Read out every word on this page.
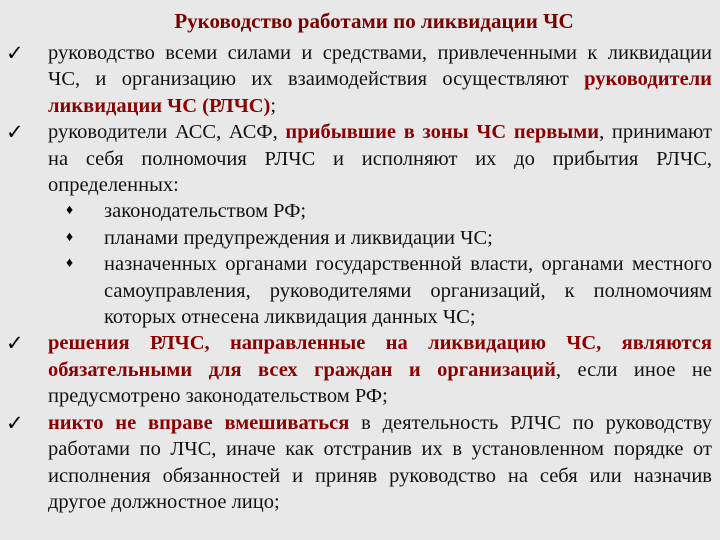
Руководство работами по ликвидации ЧС
✓ руководство всеми силами и средствами, привлеченными к ликвидации ЧС, и организацию их взаимодействия осуществляют руководители ликвидации ЧС (РЛЧС);
✓ руководители АСС, АСФ, прибывшие в зоны ЧС первыми, принимают на себя полномочия РЛЧС и исполняют их до прибытия РЛЧС, определенных:
♦ законодательством РФ;
♦ планами предупреждения и ликвидации ЧС;
♦ назначенных органами государственной власти, органами местного самоуправления, руководителями организаций, к полномочиям которых отнесена ликвидация данных ЧС;
✓ решения РЛЧС, направленные на ликвидацию ЧС, являются обязательными для всех граждан и организаций, если иное не предусмотрено законодательством РФ;
✓ никто не вправе вмешиваться в деятельность РЛЧС по руководству работами по ЛЧС, иначе как отстранив их в установленном порядке от исполнения обязанностей и приняв руководство на себя или назначив другое должностное лицо;
